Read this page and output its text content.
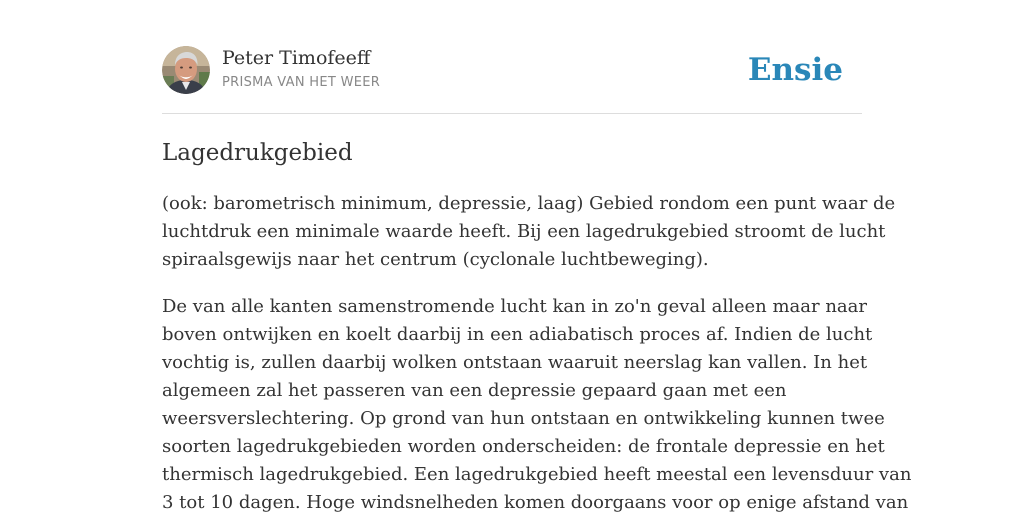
Peter Timofeeff
PRISMA VAN HET WEER	Ensie
Lagedrukgebied

(ook: barometrisch minimum, depressie, laag) Gebied rondom een punt waar de
luchtdruk een minimale waarde heeft. Bij een lagedrukgebied stroomt de lucht
spiraalsgewijs naar het centrum (cyclonale luchtbeweging).

De van alle kanten samenstromende lucht kan in zo'n geval alleen maar naar
boven ontwijken en koelt daarbij in een adiabatisch proces af. Indien de lucht
vochtig is, zullen daarbij wolken ontstaan waaruit neerslag kan vallen. In het
algemeen zal het passeren van een depressie gepaard gaan met een
weersverslechtering. Op grond van hun ontstaan en ontwikkeling kunnen twee
soorten lagedrukgebieden worden onderscheiden: de frontale depressie en het
thermisch lagedrukgebied. Een lagedrukgebied heeft meestal een levensduur van
3 tot 10 dagen. Hoge windsnelheden komen doorgaans voor op enige afstand van
